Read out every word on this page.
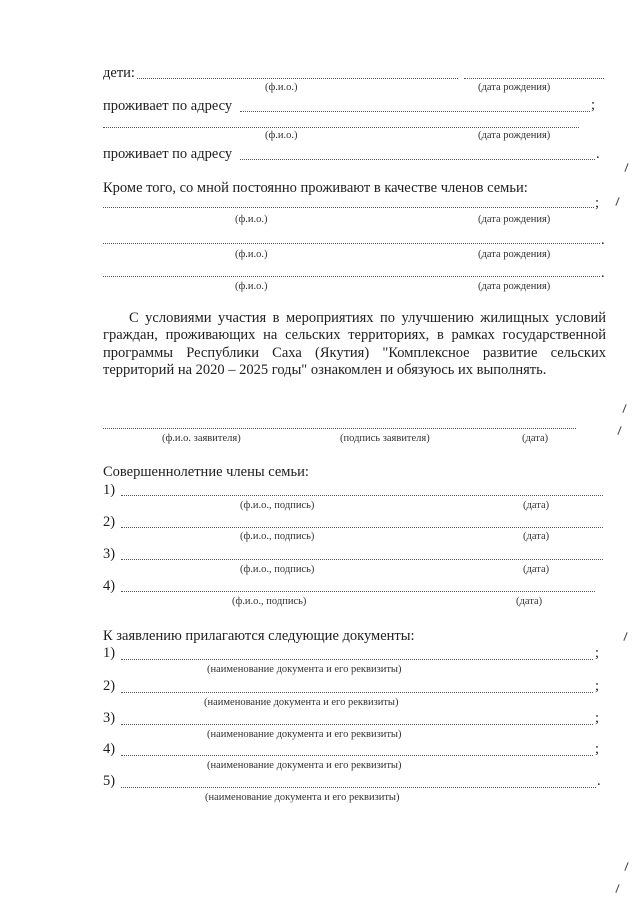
дети:
(ф.и.о.)	(дата рождения)
проживает по адресу	;
(ф.и.о.)	(дата рождения)
проживает по адресу	.
Кроме того, со мной постоянно проживают в качестве членов семьи:
;
(ф.и.о.)	(дата рождения)
.
(ф.и.о.)	(дата рождения)
.
(ф.и.о.)	(дата рождения)
С условиями участия в мероприятиях по улучшению жилищных условий граждан, проживающих на сельских территориях, в рамках государственной программы Республики Саха (Якутия) "Комплексное развитие сельских территорий на 2020 – 2025 годы" ознакомлен и обязуюсь их выполнять.
(ф.и.о. заявителя)	(подпись заявителя)	(дата)
Совершеннолетние члены семьи:
1)
(ф.и.о., подпись)	(дата)
2)
(ф.и.о., подпись)	(дата)
3)
(ф.и.о., подпись)	(дата)
4)
(ф.и.о., подпись)	(дата)
К заявлению прилагаются следующие документы:
1)	;
(наименование документа и его реквизиты)
2)	;
(наименование документа и его реквизиты)
3)	;
(наименование документа и его реквизиты)
4)	;
(наименование документа и его реквизиты)
5)	.
(наименование документа и его реквизиты)
